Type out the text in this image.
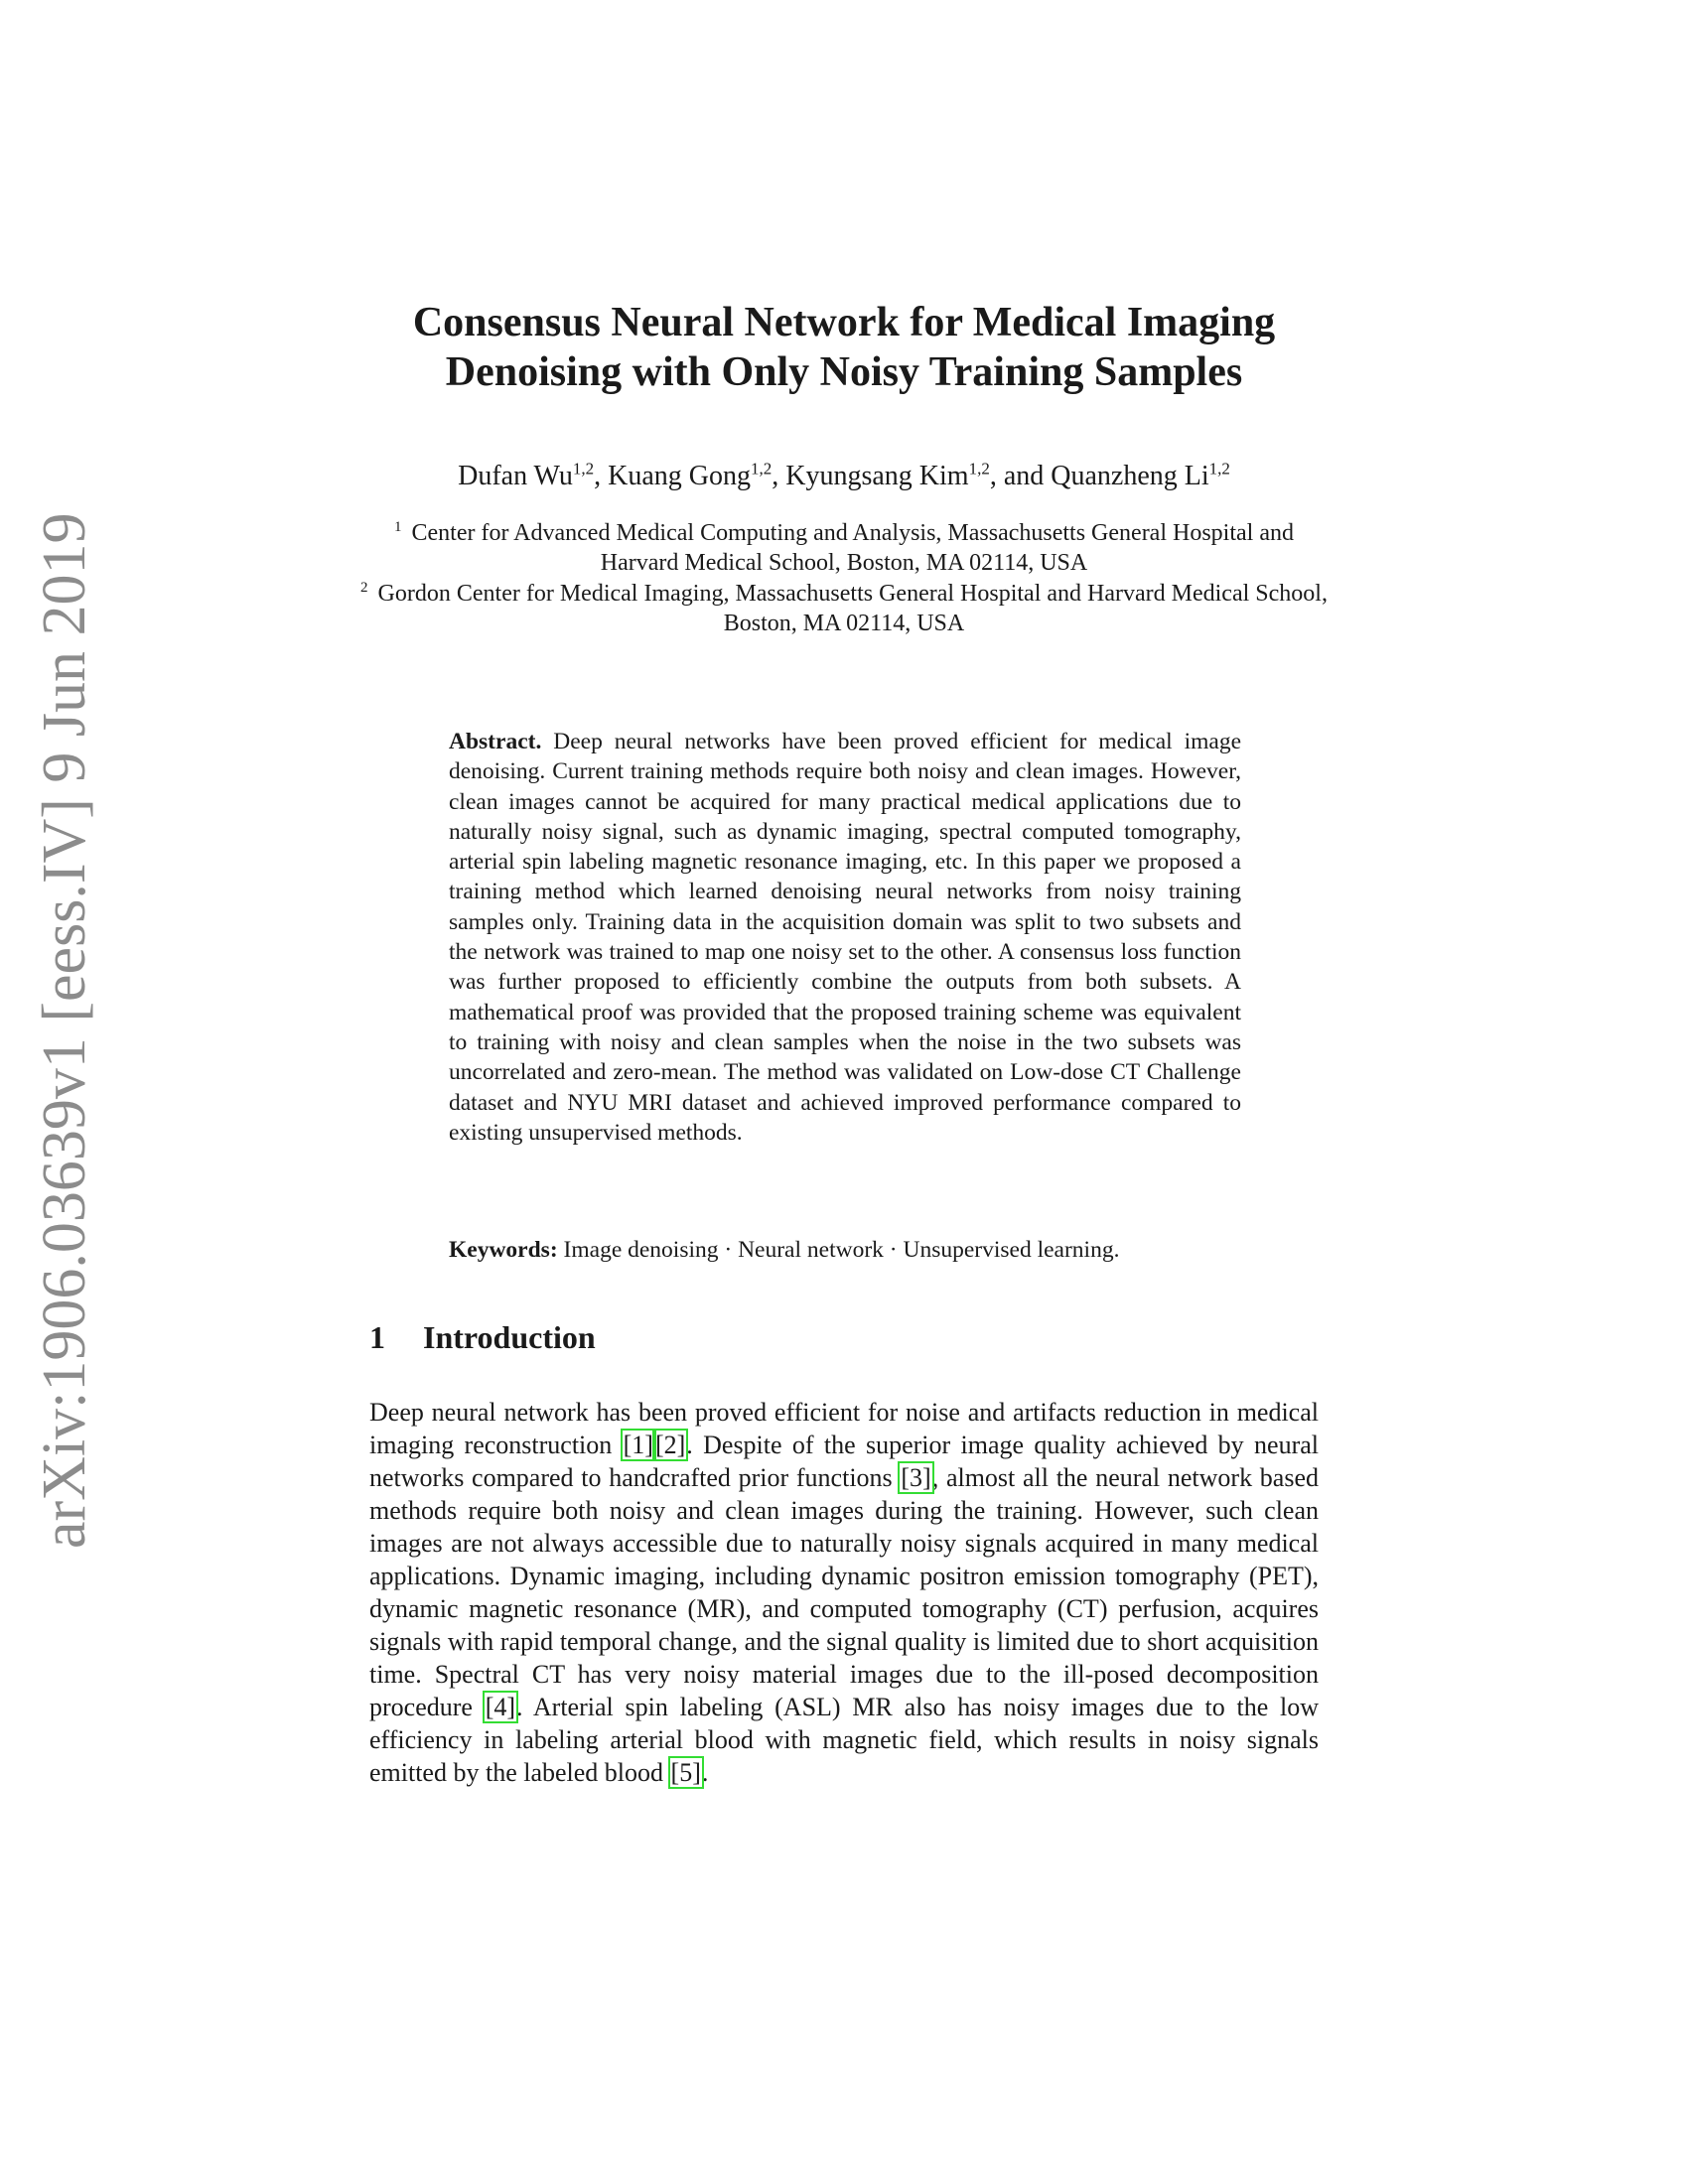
arXiv:1906.03639v1 [eess.IV] 9 Jun 2019
Consensus Neural Network for Medical Imaging
Denoising with Only Noisy Training Samples
Dufan Wu$^{1,2}$, Kuang Gong$^{1,2}$, Kyungsang Kim$^{1,2}$, and Quanzheng Li$^{1,2}$
$^1$ Center for Advanced Medical Computing and Analysis, Massachusetts General Hospital and Harvard Medical School, Boston, MA 02114, USA
$^2$ Gordon Center for Medical Imaging, Massachusetts General Hospital and Harvard Medical School, Boston, MA 02114, USA
Abstract. Deep neural networks have been proved efficient for medical image denoising. Current training methods require both noisy and clean images. However, clean images cannot be acquired for many practical medical applications due to naturally noisy signal, such as dynamic imaging, spectral computed tomography, arterial spin labeling magnetic resonance imaging, etc. In this paper we proposed a training method which learned denoising neural networks from noisy training samples only. Training data in the acquisition domain was split to two subsets and the network was trained to map one noisy set to the other. A consensus loss function was further proposed to efficiently combine the outputs from both subsets. A mathematical proof was provided that the proposed training scheme was equivalent to training with noisy and clean samples when the noise in the two subsets was uncorrelated and zero-mean. The method was validated on Low-dose CT Challenge dataset and NYU MRI dataset and achieved improved performance compared to existing unsupervised methods.
Keywords: Image denoising · Neural network · Unsupervised learning.
1 Introduction
Deep neural network has been proved efficient for noise and artifacts reduction in medical imaging reconstruction [1][2]. Despite of the superior image quality achieved by neural networks compared to handcrafted prior functions [3], almost all the neural network based methods require both noisy and clean images during the training. However, such clean images are not always accessible due to naturally noisy signals acquired in many medical applications. Dynamic imaging, including dynamic positron emission tomography (PET), dynamic magnetic resonance (MR), and computed tomography (CT) perfusion, acquires signals with rapid temporal change, and the signal quality is limited due to short acquisition time. Spectral CT has very noisy material images due to the ill-posed decomposition procedure [4]. Arterial spin labeling (ASL) MR also has noisy images due to the low efficiency in labeling arterial blood with magnetic field, which results in noisy signals emitted by the labeled blood [5].
